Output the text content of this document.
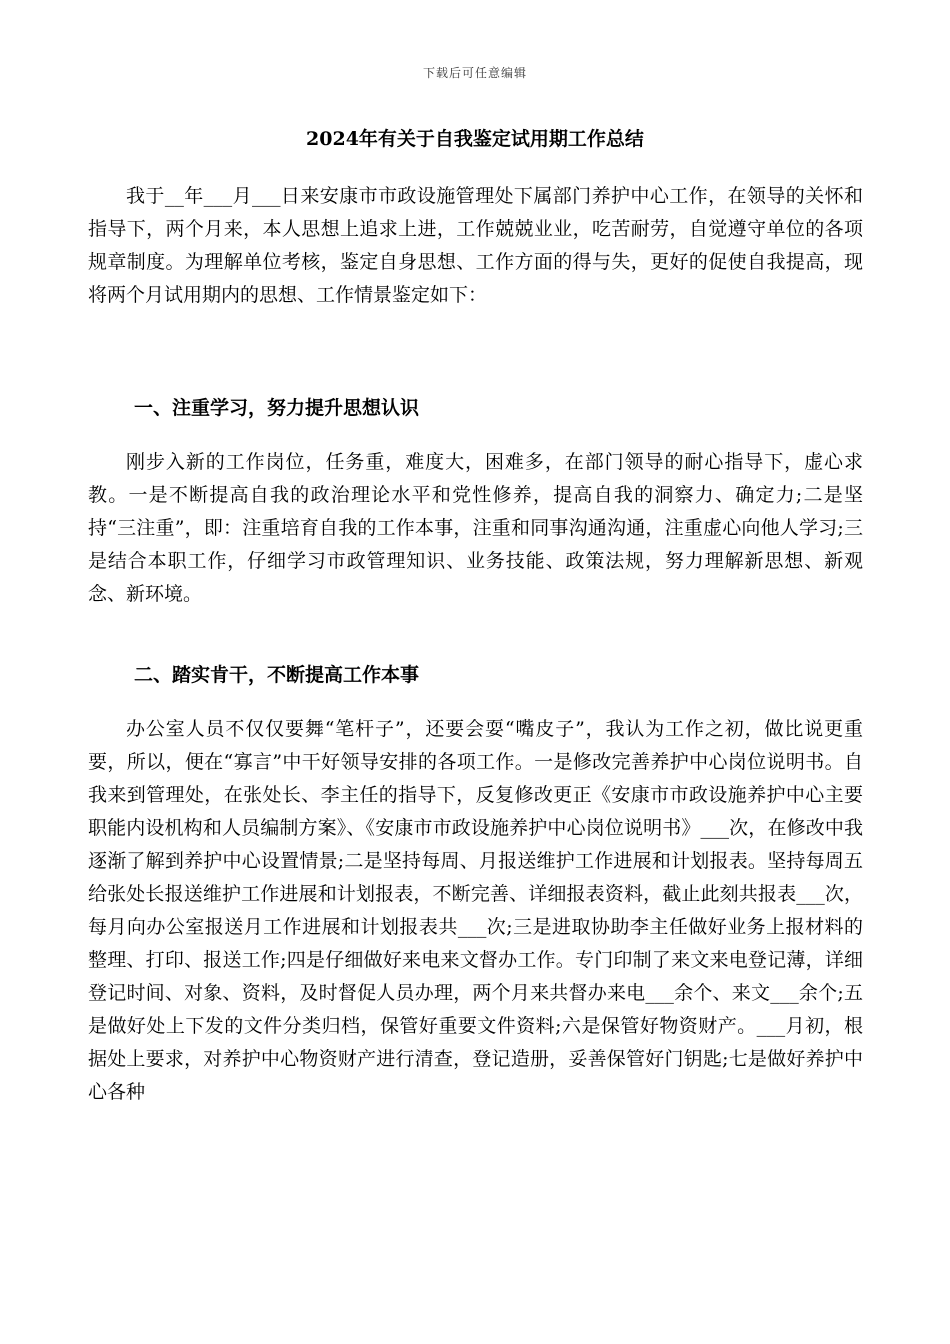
下载后可任意编辑
2024年有关于自我鉴定试用期工作总结

我于__年___月___日来安康市市政设施管理处下属部门养护中心工作，在领导的关怀和指导下，两个月来，本人思想上追求上进，工作兢兢业业，吃苦耐劳，自觉遵守单位的各项规章制度。为理解单位考核，鉴定自身思想、工作方面的得与失，更好的促使自我提高，现将两个月试用期内的思想、工作情景鉴定如下：

一、注重学习，努力提升思想认识

刚步入新的工作岗位，任务重，难度大，困难多，在部门领导的耐心指导下，虚心求教。一是不断提高自我的政治理论水平和党性修养，提高自我的洞察力、确定力;二是坚持“三注重”，即：注重培育自我的工作本事，注重和同事沟通沟通，注重虚心向他人学习;三是结合本职工作，仔细学习市政管理知识、业务技能、政策法规，努力理解新思想、新观念、新环境。

二、踏实肯干，不断提高工作本事

办公室人员不仅仅要舞“笔杆子”，还要会耍“嘴皮子”，我认为工作之初，做比说更重要，所以，便在“寡言”中干好领导安排的各项工作。一是修改完善养护中心岗位说明书。自我来到管理处，在张处长、李主任的指导下，反复修改更正《安康市市政设施养护中心主要职能内设机构和人员编制方案》、《安康市市政设施养护中心岗位说明书》___次，在修改中我逐渐了解到养护中心设置情景;二是坚持每周、月报送维护工作进展和计划报表。坚持每周五给张处长报送维护工作进展和计划报表，不断完善、详细报表资料，截止此刻共报表___次，每月向办公室报送月工作进展和计划报表共___次;三是进取协助李主任做好业务上报材料的整理、打印、报送工作;四是仔细做好来电来文督办工作。专门印制了来文来电登记薄，详细登记时间、对象、资料，及时督促人员办理，两个月来共督办来电___余个、来文___余个;五是做好处上下发的文件分类归档，保管好重要文件资料;六是保管好物资财产。___月初，根据处上要求，对养护中心物资财产进行清查，登记造册，妥善保管好门钥匙;七是做好养护中心各种
